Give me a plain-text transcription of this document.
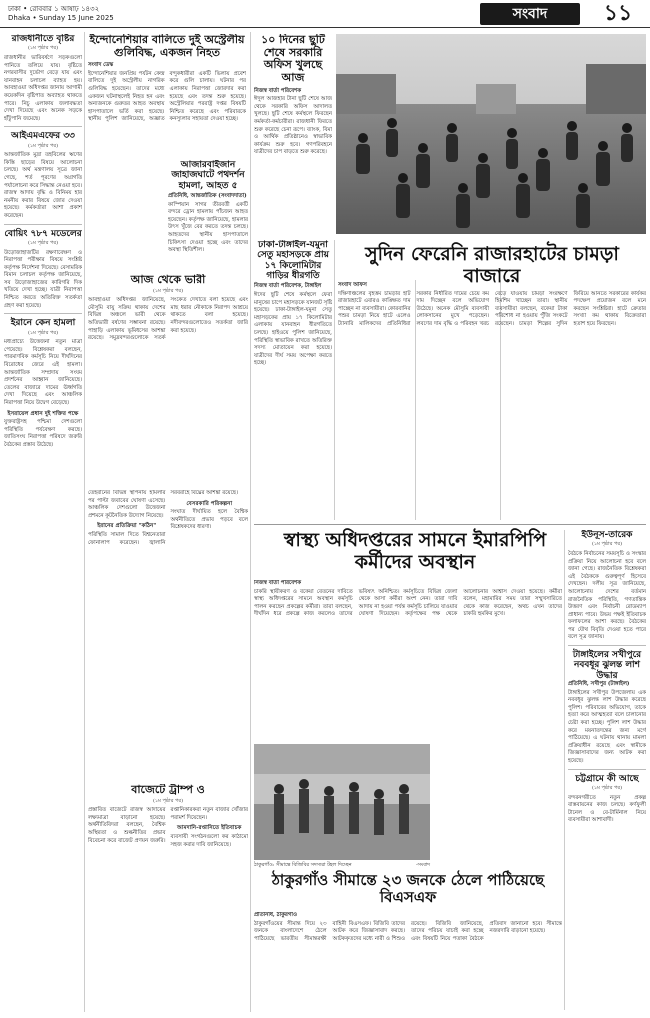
ঢাকা • রোববার ১ আষাঢ় ১৪৩২
Dhaka • Sunday 15 June 2025	সংবাদ	১১
রাজধানীতে বৃষ্টির
(১ম পৃষ্ঠার পর)
রাজধানীর ভারিবর্ষণে সড়কগুলো পানিতে তলিয়ে যায়। বৃষ্টিতে নগরবাসীর দুর্ভোগ বেড়ে যায় এবং যানবাহন চলাচল ব্যাহত হয়। আবহাওয়া অধিদপ্তর জানায় আগামী কয়েকদিন বৃষ্টিপাত অব্যাহত থাকতে পারে। নিচু এলাকায় জলাবদ্ধতা দেখা দিয়েছে এবং অনেক সড়কে হাঁটুপানি জমেছে।
আইএমএফের ৩৩
(১ম পৃষ্ঠার পর)
আন্তর্জাতিক মুদ্রা তহবিলের ঋণের কিস্তি ছাড়ের বিষয়ে আলোচনা চলছে। অর্থ মন্ত্রণালয় সূত্রে জানা গেছে, শর্ত পূরণের অগ্রগতি পর্যালোচনা করে সিদ্ধান্ত নেওয়া হবে। রাজস্ব আদায় বৃদ্ধি ও বিনিময় হার নমনীয় করার বিষয়ে জোর দেওয়া হয়েছে। কর্মকর্তারা আশা প্রকাশ করেছেন।
বোয়িং ৭৮৭ মডেলের
(১ম পৃষ্ঠার পর)
উড়োজাহাজটির রক্ষণাবেক্ষণ ও নিরাপত্তা পরীক্ষার বিষয়ে সংশ্লিষ্ট কর্তৃপক্ষ নির্দেশনা দিয়েছে। বেসামরিক বিমান চলাচল কর্তৃপক্ষ জানিয়েছে, সব উড়োজাহাজের কারিগরি দিক খতিয়ে দেখা হচ্ছে। যাত্রী নিরাপত্তা নিশ্চিত করতে অতিরিক্ত সতর্কতা গ্রহণ করা হয়েছে।
ইরানে কেন হামলা
(১ম পৃষ্ঠার পর)
মধ্যপ্রাচ্যে উত্তেজনা নতুন মাত্রা পেয়েছে। বিশ্লেষকরা বলছেন, পারমাণবিক কর্মসূচি নিয়ে দীর্ঘদিনের বিরোধের জেরে এই হামলা। আন্তর্জাতিক সম্প্রদায় সংযম প্রদর্শনের আহ্বান জানিয়েছে। তেলের বাজারে দামের ঊর্ধ্বগতি দেখা দিয়েছে এবং আঞ্চলিক নিরাপত্তা নিয়ে উদ্বেগ বেড়েছে।
ইসরায়েল প্রধান দুই শক্তির পক্ষে
যুক্তরাষ্ট্রসহ পশ্চিমা দেশগুলো পরিস্থিতি পর্যবেক্ষণ করছে। জাতিসংঘ নিরাপত্তা পরিষদে জরুরি বৈঠকের প্রস্তাব উঠেছে।
ইন্দোনেশিয়ার বালিতে দুই অস্ট্রেলীয় গুলিবিদ্ধ, একজন নিহত
সংবাদ ডেস্ক
ইন্দোনেশিয়ার জনপ্রিয় পর্যটন কেন্দ্র বালিতে দুই অস্ট্রেলীয় নাগরিক গুলিবিদ্ধ হয়েছেন। তাদের মধ্যে একজন ঘটনাস্থলেই নিহত হন এবং অন্যজনকে গুরুতর আহত অবস্থায় হাসপাতালে ভর্তি করা হয়েছে। স্থানীয় পুলিশ জানিয়েছে, অজ্ঞাত বন্দুকধারীরা একটি ভিলায় প্রবেশ করে গুলি চালায়। ঘটনার পর এলাকায় নিরাপত্তা জোরদার করা হয়েছে এবং তদন্ত শুরু হয়েছে। অস্ট্রেলিয়ার পররাষ্ট্র দপ্তর বিষয়টি নিশ্চিত করেছে এবং পরিবারকে কনস্যুলার সহায়তা দেওয়া হচ্ছে।
আজারবাইজান জাহাজঘাটে পথদর্শন হামলা, আহত ৫
প্রতিনিধি, আন্তর্জাতিক (সংবাদদাতা)
কাস্পিয়ান সাগর তীরবর্তী একটি বন্দরে ড্রোন হামলায় পাঁচজন আহত হয়েছেন। কর্তৃপক্ষ জানিয়েছে, হামলার উৎস খুঁজে বের করতে তদন্ত চলছে। আহতদের স্থানীয় হাসপাতালে চিকিৎসা দেওয়া হচ্ছে এবং তাদের অবস্থা স্থিতিশীল।
আজ থেকে ভারী
(১ম পৃষ্ঠার পর)
আবহাওয়া অধিদপ্তর জানিয়েছে, মৌসুমি বায়ু সক্রিয় থাকায় দেশের বিভিন্ন অঞ্চলে ভারী থেকে অতিভারী বর্ষণের সম্ভাবনা রয়েছে। পাহাড়ি এলাকায় ভূমিধসের আশঙ্কা রয়েছে। সমুদ্রবন্দরগুলোকে সতর্ক সংকেত দেখাতে বলা হয়েছে এবং মাছ ধরার নৌকাকে নিরাপদ আশ্রয়ে থাকতে বলা হয়েছে। নদীবন্দরগুলোতেও সতর্কতা জারি করা হয়েছে।
তেহরানের বিভিন্ন স্থাপনায় হামলার পর পাল্টা জবাবের ঘোষণা এসেছে। আঞ্চলিক দেশগুলো উত্তেজনা প্রশমনে কূটনৈতিক উদ্যোগ নিয়েছে।
ইরানের প্রতিক্রিয়া "কঠিন"
পরিস্থিতি সামাল দিতে বিশ্বনেতারা ফোনালাপ করেছেন। জ্বালানি সরবরাহে বিঘ্নের আশঙ্কা রয়েছে।
বেসরকারি পরিকল্পনা
সংঘাত দীর্ঘায়িত হলে বৈশ্বিক অর্থনীতিতে প্রভাব পড়বে বলে বিশ্লেষকদের ধারণা।
বাজেটে ট্রাম্প ও
(১ম পৃষ্ঠার পর)
প্রস্তাবিত বাজেটে রাজস্ব আদায়ের লক্ষ্যমাত্রা বাড়ানো হয়েছে। অর্থনীতিবিদরা বলছেন, বৈশ্বিক অস্থিরতা ও শুল্কনীতির প্রভাব বিবেচনা করে বাজেট প্রণয়ন জরুরি। রপ্তানিকারকরা নতুন বাজার খোঁজার পরামর্শ দিয়েছেন।
আমদানি-রপ্তানিতে ইতিবাচক
ব্যবসায়ী সংগঠনগুলো কর কাঠামো সহজ করার দাবি জানিয়েছে।
১০ দিনের ছুটি শেষে সরকারি অফিস খুলছে আজ
নিজস্ব বার্তা পরিবেশক
ঈদুল আজহার টানা ছুটি শেষে আজ থেকে সরকারি অফিস আদালত খুলছে। ছুটি শেষে কর্মস্থলে ফিরছেন কর্মকর্তা-কর্মচারীরা। রাজধানী ফিরতে শুরু করেছে চেনা রূপে। ব্যাংক, বিমা ও আর্থিক প্রতিষ্ঠানেও স্বাভাবিক কার্যক্রম শুরু হবে। গণপরিবহনে যাত্রীদের চাপ বাড়তে শুরু করেছে।
ঢাকা-টাঙ্গাইল-যমুনা সেতু মহাসড়কে প্রায় ১৭ কিলোমিটার গাড়ির ধীরগতি
নিজস্ব বার্তা পরিবেশক, টাঙ্গাইল
ঈদের ছুটি শেষে কর্মস্থলে ফেরা মানুষের চাপে মহাসড়কে যানজট সৃষ্টি হয়েছে। ঢাকা-টাঙ্গাইল-যমুনা সেতু মহাসড়কের প্রায় ১৭ কিলোমিটার এলাকায় যানবাহন ধীরগতিতে চলছে। হাইওয়ে পুলিশ জানিয়েছে, পরিস্থিতি স্বাভাবিক রাখতে অতিরিক্ত সদস্য মোতায়েন করা হয়েছে। যাত্রীদের দীর্ঘ সময় অপেক্ষা করতে হচ্ছে।
সুদিন ফেরেনি রাজারহাটের চামড়া বাজারে
সংবাদ অফিস
দক্ষিণাঞ্চলের বৃহত্তম চামড়ার হাট রাজারহাটে এবারও কাঙ্ক্ষিত দাম পাচ্ছেন না ব্যবসায়ীরা। কোরবানির পশুর চামড়া নিয়ে হাটে এলেও ট্যানারি মালিকদের প্রতিনিধিরা সরকার নির্ধারিত দামের চেয়ে কম দাম দিচ্ছেন বলে অভিযোগ উঠেছে। অনেক মৌসুমি ব্যবসায়ী লোকসানের মুখে পড়েছেন। লবণের দাম বৃদ্ধি ও পরিবহন খরচ বেড়ে যাওয়ায় চামড়া সংরক্ষণে হিমশিম খাচ্ছেন তারা। স্থানীয় ব্যবসায়ীরা বলছেন, বকেয়া টাকা পরিশোধ না হওয়ায় পুঁজি সংকটে রয়েছেন। চামড়া শিল্পের সুদিন ফিরিয়ে আনতে সরকারের কার্যকর পদক্ষেপ প্রয়োজন বলে মনে করছেন সংশ্লিষ্টরা। হাটে ক্রেতার সংখ্যা কম থাকায় বিক্রেতারা হতাশ হয়ে ফিরছেন।
স্বাস্থ্য অধিদপ্তরের সামনে ইমারপিপি কর্মীদের অবস্থান
নিজস্ব বার্তা পরিবেশক
চাকরি স্থায়ীকরণ ও বকেয়া বেতনের দাবিতে স্বাস্থ্য অধিদপ্তরের সামনে অবস্থান কর্মসূচি পালন করছেন প্রকল্পের কর্মীরা। তারা বলছেন, দীর্ঘদিন ধরে প্রকল্পে কাজ করলেও তাদের ভবিষ্যৎ অনিশ্চিত। কর্মসূচিতে বিভিন্ন জেলা থেকে আসা কর্মীরা অংশ নেন। তারা দাবি আদায় না হওয়া পর্যন্ত কর্মসূচি চালিয়ে যাওয়ার ঘোষণা দিয়েছেন। কর্তৃপক্ষের পক্ষ থেকে আলোচনার আশ্বাস দেওয়া হয়েছে। কর্মীরা বলেন, মহামারির সময় তারা সম্মুখসারিতে থেকে কাজ করেছেন, অথচ এখন তাদের চাকরি হুমকির মুখে।
ঠাকুরগাঁও: সীমান্তে বিজিবির সদস্যরা টহল দিচ্ছেন	-সংবাদ
ঠাকুরগাঁও সীমান্তে ২৩ জনকে ঠেলে পাঠিয়েছে বিএসএফ
প্রতিনিধি, ঠাকুরগাঁও
ঠাকুরগাঁওয়ের সীমান্ত দিয়ে ২৩ জনকে বাংলাদেশে ঠেলে পাঠিয়েছে ভারতীয় সীমান্তরক্ষী বাহিনী বিএসএফ। বিজিবি তাদের আটক করে জিজ্ঞাসাবাদ করছে। আটককৃতদের মধ্যে নারী ও শিশুও রয়েছে। বিজিবি জানিয়েছে, তাদের পরিচয় যাচাই করা হচ্ছে এবং বিষয়টি নিয়ে পতাকা বৈঠকে প্রতিবাদ জানানো হবে। সীমান্তে নজরদারি বাড়ানো হয়েছে।
ইউনূস-তারেক
(১ম পৃষ্ঠার পর)
বৈঠকে নির্বাচনের সময়সূচি ও সংস্কার প্রক্রিয়া নিয়ে আলোচনা হবে বলে জানা গেছে। রাজনৈতিক বিশ্লেষকরা এই বৈঠককে গুরুত্বপূর্ণ হিসেবে দেখছেন। দলীয় সূত্র জানিয়েছে, আলোচনায় দেশের বর্তমান রাজনৈতিক পরিস্থিতি, গণতান্ত্রিক উত্তরণ এবং নির্বাচনী রোডম্যাপ প্রাধান্য পাবে। উভয় পক্ষই ইতিবাচক ফলাফলের আশা করছে। বৈঠকের পর যৌথ বিবৃতি দেওয়া হতে পারে বলে সূত্র জানায়।
টাঙ্গাইলের সখীপুরে নববধূর ঝুলন্ত লাশ উদ্ধার
প্রতিনিধি, সখীপুর (টাঙ্গাইল)
টাঙ্গাইলের সখীপুর উপজেলায় এক নববধূর ঝুলন্ত লাশ উদ্ধার করেছে পুলিশ। পরিবারের অভিযোগ, তাকে হত্যা করে আত্মহত্যা বলে চালানোর চেষ্টা করা হচ্ছে। পুলিশ লাশ উদ্ধার করে ময়নাতদন্তের জন্য মর্গে পাঠিয়েছে। এ ঘটনায় থানায় মামলা প্রক্রিয়াধীন রয়েছে এবং স্বামীকে জিজ্ঞাসাবাদের জন্য আটক করা হয়েছে।
চট্টগ্রামে কী আছে
(১ম পৃষ্ঠার পর)
বন্দরনগরীতে নতুন প্রকল্প বাস্তবায়নের কাজ চলছে। কর্ণফুলী টানেল ও বে-টার্মিনাল নিয়ে ব্যবসায়ীরা আশাবাদী।
